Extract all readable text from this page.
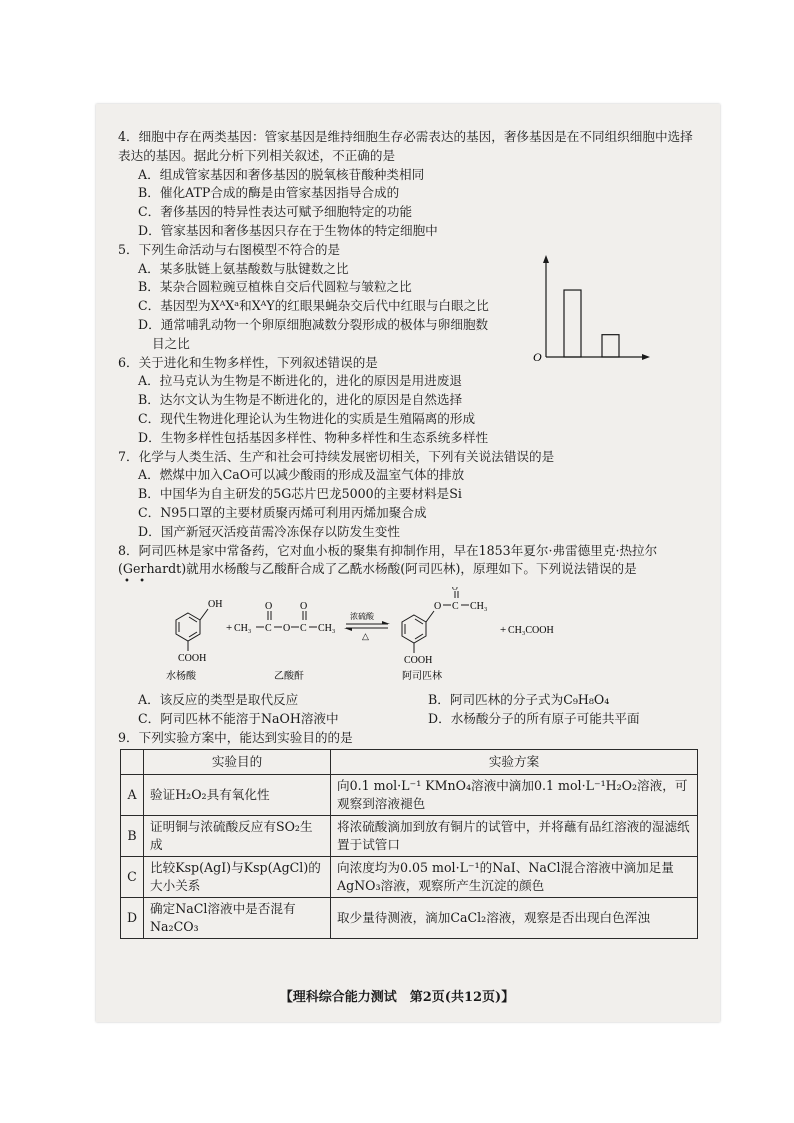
4．细胞中存在两类基因：管家基因是维持细胞生存必需表达的基因，奢侈基因是在不同组织细胞中选择表达的基因。据此分析下列相关叙述，不正确的是
A．组成管家基因和奢侈基因的脱氧核苷酸种类相同
B．催化ATP合成的酶是由管家基因指导合成的
C．奢侈基因的特异性表达可赋予细胞特定的功能
D．管家基因和奢侈基因只存在于生物体的特定细胞中
5．下列生命活动与右图模型不符合的是
A．某多肽链上氨基酸数与肽键数之比
B．某杂合圆粒豌豆植株自交后代圆粒与皱粒之比
C．基因型为XᴬXᵃ和XᴬY的红眼果蝇杂交后代中红眼与白眼之比
D．通常哺乳动物一个卵原细胞减数分裂形成的极体与卵细胞数
目之比
O
6．关于进化和生物多样性，下列叙述错误的是
A．拉马克认为生物是不断进化的，进化的原因是用进废退
B．达尔文认为生物是不断进化的，进化的原因是自然选择
C．现代生物进化理论认为生物进化的实质是生殖隔离的形成
D．生物多样性包括基因多样性、物种多样性和生态系统多样性
7．化学与人类生活、生产和社会可持续发展密切相关，下列有关说法错误的是
A．燃煤中加入CaO可以减少酸雨的形成及温室气体的排放
B．中国华为自主研发的5G芯片巴龙5000的主要材料是Si
C．N95口罩的主要材质聚丙烯可利用丙烯加聚合成
D．国产新冠灭活疫苗需冷冻保存以防发生变性
8．阿司匹林是家中常备药，它对血小板的聚集有抑制作用，早在1853年夏尔·弗雷德里克·热拉尔(Gerhardt)就用水杨酸与乙酸酐合成了乙酰水杨酸(阿司匹林)，原理如下。下列说法错误的是
• •
OH
COOH
水杨酸
+ CH₃ C
O
O C
O
CH₃
乙酸酐
浓硫酸
△
O C
O
CH₃
COOH
阿司匹林
+ CH₃COOH
A．该反应的类型是取代反应	B．阿司匹林的分子式为C₉H₈O₄
C．阿司匹林不能溶于NaOH溶液中	D．水杨酸分子的所有原子可能共平面
9．下列实验方案中，能达到实验目的的是
	实验目的	实验方案
A	验证H₂O₂具有氧化性	向0.1 mol·L⁻¹ KMnO₄溶液中滴加0.1 mol·L⁻¹H₂O₂溶液，可观察到溶液褪色
B	证明铜与浓硫酸反应有SO₂生成	将浓硫酸滴加到放有铜片的试管中，并将蘸有品红溶液的湿滤纸置于试管口
C	比较Ksp(AgI)与Ksp(AgCl)的大小关系	向浓度均为0.05 mol·L⁻¹的NaI、NaCl混合溶液中滴加足量AgNO₃溶液，观察所产生沉淀的颜色
D	确定NaCl溶液中是否混有Na₂CO₃	取少量待测液，滴加CaCl₂溶液，观察是否出现白色浑浊
【理科综合能力测试　第2页(共12页)】
